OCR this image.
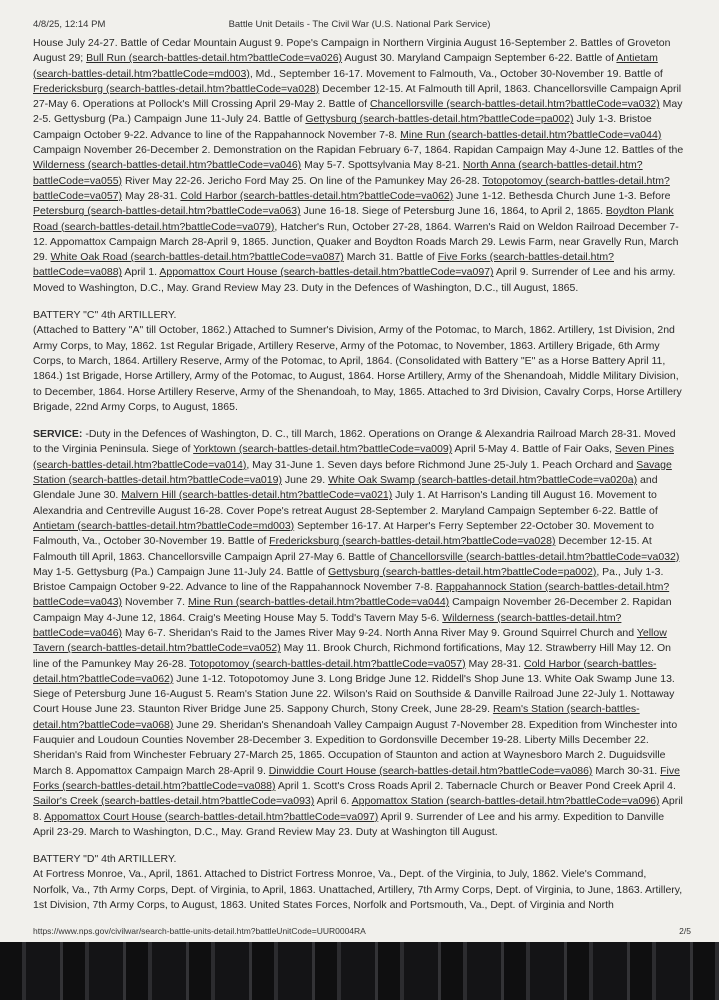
4/8/25, 12:14 PM	Battle Unit Details - The Civil War (U.S. National Park Service)

House July 24-27. Battle of Cedar Mountain August 9. Pope's Campaign in Northern Virginia August 16-September 2. Battles of Groveton August 29; Bull Run (search-battles-detail.htm?battleCode=va026) August 30. Maryland Campaign September 6-22. Battle of Antietam (search-battles-detail.htm?battleCode=md003), Md., September 16-17. Movement to Falmouth, Va., October 30-November 19. Battle of Fredericksburg (search-battles-detail.htm?battleCode=va028) December 12-15. At Falmouth till April, 1863. Chancellorsville Campaign April 27-May 6. Operations at Pollock's Mill Crossing April 29-May 2. Battle of Chancellorsville (search-battles-detail.htm?battleCode=va032) May 2-5. Gettysburg (Pa.) Campaign June 11-July 24. Battle of Gettysburg (search-battles-detail.htm?battleCode=pa002) July 1-3. Bristoe Campaign October 9-22. Advance to line of the Rappahannock November 7-8. Mine Run (search-battles-detail.htm?battleCode=va044) Campaign November 26-December 2. Demonstration on the Rapidan February 6-7, 1864. Rapidan Campaign May 4-June 12. Battles of the Wilderness (search-battles-detail.htm?battleCode=va046) May 5-7. Spottsylvania May 8-21. North Anna (search-battles-detail.htm?battleCode=va055) River May 22-26. Jericho Ford May 25. On line of the Pamunkey May 26-28. Totopotomoy (search-battles-detail.htm?battleCode=va057) May 28-31. Cold Harbor (search-battles-detail.htm?battleCode=va062) June 1-12. Bethesda Church June 1-3. Before Petersburg (search-battles-detail.htm?battleCode=va063) June 16-18. Siege of Petersburg June 16, 1864, to April 2, 1865. Boydton Plank Road (search-battles-detail.htm?battleCode=va079), Hatcher's Run, October 27-28, 1864. Warren's Raid on Weldon Railroad December 7-12. Appomattox Campaign March 28-April 9, 1865. Junction, Quaker and Boydton Roads March 29. Lewis Farm, near Gravelly Run, March 29. White Oak Road (search-battles-detail.htm?battleCode=va087) March 31. Battle of Five Forks (search-battles-detail.htm?battleCode=va088) April 1. Appomattox Court House (search-battles-detail.htm?battleCode=va097) April 9. Surrender of Lee and his army. Moved to Washington, D.C., May. Grand Review May 23. Duty in the Defences of Washington, D.C., till August, 1865.

BATTERY "C" 4th ARTILLERY.

(Attached to Battery "A" till October, 1862.) Attached to Sumner's Division, Army of the Potomac, to March, 1862. Artillery, 1st Division, 2nd Army Corps, to May, 1862. 1st Regular Brigade, Artillery Reserve, Army of the Potomac, to November, 1863. Artillery Brigade, 6th Army Corps, to March, 1864. Artillery Reserve, Army of the Potomac, to April, 1864. (Consolidated with Battery "E" as a Horse Battery April 11, 1864.) 1st Brigade, Horse Artillery, Army of the Potomac, to August, 1864. Horse Artillery, Army of the Shenandoah, Middle Military Division, to December, 1864. Horse Artillery Reserve, Army of the Shenandoah, to May, 1865. Attached to 3rd Division, Cavalry Corps, Horse Artillery Brigade, 22nd Army Corps, to August, 1865.

SERVICE: -Duty in the Defences of Washington, D. C., till March, 1862. Operations on Orange & Alexandria Railroad March 28-31. Moved to the Virginia Peninsula. Siege of Yorktown (search-battles-detail.htm?battleCode=va009) April 5-May 4. Battle of Fair Oaks, Seven Pines (search-battles-detail.htm?battleCode=va014), May 31-June 1. Seven days before Richmond June 25-July 1. Peach Orchard and Savage Station (search-battles-detail.htm?battleCode=va019) June 29. White Oak Swamp (search-battles-detail.htm?battleCode=va020a) and Glendale June 30. Malvern Hill (search-battles-detail.htm?battleCode=va021) July 1. At Harrison's Landing till August 16. Movement to Alexandria and Centreville August 16-28. Cover Pope's retreat August 28-September 2. Maryland Campaign September 6-22. Battle of Antietam (search-battles-detail.htm?battleCode=md003) September 16-17. At Harper's Ferry September 22-October 30. Movement to Falmouth, Va., October 30-November 19. Battle of Fredericksburg (search-battles-detail.htm?battleCode=va028) December 12-15. At Falmouth till April, 1863. Chancellorsville Campaign April 27-May 6. Battle of Chancellorsville (search-battles-detail.htm?battleCode=va032) May 1-5. Gettysburg (Pa.) Campaign June 11-July 24. Battle of Gettysburg (search-battles-detail.htm?battleCode=pa002), Pa., July 1-3. Bristoe Campaign October 9-22. Advance to line of the Rappahannock November 7-8. Rappahannock Station (search-battles-detail.htm?battleCode=va043) November 7. Mine Run (search-battles-detail.htm?battleCode=va044) Campaign November 26-December 2. Rapidan Campaign May 4-June 12, 1864. Craig's Meeting House May 5. Todd's Tavern May 5-6. Wilderness (search-battles-detail.htm?battleCode=va046) May 6-7. Sheridan's Raid to the James River May 9-24. North Anna River May 9. Ground Squirrel Church and Yellow Tavern (search-battles-detail.htm?battleCode=va052) May 11. Brook Church, Richmond fortifications, May 12. Strawberry Hill May 12. On line of the Pamunkey May 26-28. Totopotomoy (search-battles-detail.htm?battleCode=va057) May 28-31. Cold Harbor (search-battles-detail.htm?battleCode=va062) June 1-12. Totopotomoy June 3. Long Bridge June 12. Riddell's Shop June 13. White Oak Swamp June 13. Siege of Petersburg June 16-August 5. Ream's Station June 22. Wilson's Raid on Southside & Danville Railroad June 22-July 1. Nottaway Court House June 23. Staunton River Bridge June 25. Sappony Church, Stony Creek, June 28-29. Ream's Station (search-battles-detail.htm?battleCode=va068) June 29. Sheridan's Shenandoah Valley Campaign August 7-November 28. Expedition from Winchester into Fauquier and Loudoun Counties November 28-December 3. Expedition to Gordonsville December 19-28. Liberty Mills December 22. Sheridan's Raid from Winchester February 27-March 25, 1865. Occupation of Staunton and action at Waynesboro March 2. Duguidsville March 8. Appomattox Campaign March 28-April 9. Dinwiddie Court House (search-battles-detail.htm?battleCode=va086) March 30-31. Five Forks (search-battles-detail.htm?battleCode=va088) April 1. Scott's Cross Roads April 2. Tabernacle Church or Beaver Pond Creek April 4. Sailor's Creek (search-battles-detail.htm?battleCode=va093) April 6. Appomattox Station (search-battles-detail.htm?battleCode=va096) April 8. Appomattox Court House (search-battles-detail.htm?battleCode=va097) April 9. Surrender of Lee and his army. Expedition to Danville April 23-29. March to Washington, D.C., May. Grand Review May 23. Duty at Washington till August.

BATTERY "D" 4th ARTILLERY.

At Fortress Monroe, Va., April, 1861. Attached to District Fortress Monroe, Va., Dept. of the Virginia, to July, 1862. Viele's Command, Norfolk, Va., 7th Army Corps, Dept. of Virginia, to April, 1863. Unattached, Artillery, 7th Army Corps, Dept. of Virginia, to June, 1863. Artillery, 1st Division, 7th Army Corps, to August, 1863. United States Forces, Norfolk and Portsmouth, Va., Dept. of Virginia and North

https://www.nps.gov/civilwar/search-battle-units-detail.htm?battleUnitCode=UUR0004RA	2/5
